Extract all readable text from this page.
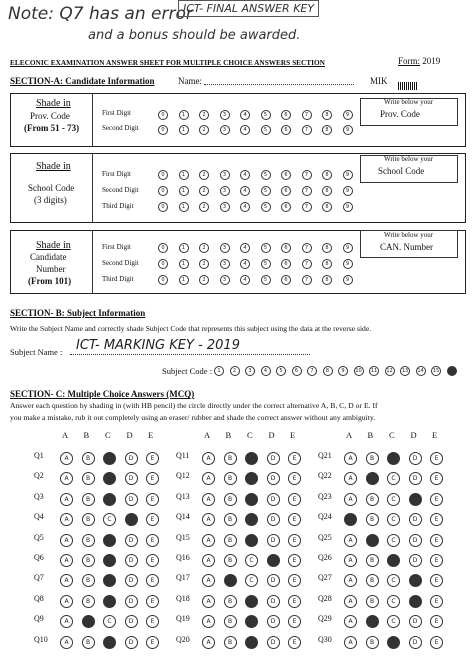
Note: Q7 has an error
and a bonus should be awarded.
ICT- FINAL ANSWER KEY
ELECONIC EXAMINATION ANSWER SHEET FOR MULTIPLE CHOICE ANSWERS SECTION	Form: 2019
SECTION-A: Candidate Information	Name:	MIK
Shade in
Prov. Code
(From 51 - 73)
First Digit
Second Digit
Write below your
Prov. Code
Shade in
School Code
(3 digits)
First Digit
Second Digit
Third Digit
Write below your
School Code
Shade in
Candidate
Number
(From 101)
First Digit
Second Digit
Third Digit
Write below your
CAN. Number
0	1	2	3	4	5	6	7	8	9
0	1	2	3	4	5	6	7	8	9
0	1	2	3	4	5	6	7	8	9
0	1	2	3	4	5	6	7	8	9
0	1	2	3	4	5	6	7	8	9
0	1	2	3	4	5	6	7	8	9
0	1	2	3	4	5	6	7	8	9
0	1	2	3	4	5	6	7	8	9
SECTION- B: Subject Information
Write the Subject Name and correctly shade Subject Code that represents this subject using the data at the reverse side.
Subject Name : ICT- MARKING KEY - 2019
Subject Code :	1	2	3	4	5	6	7	8	9	10	11	12	13	14	15	16
SECTION- C: Multiple Choice Answers (MCQ)
Answer each question by shading in (with HB pencil) the circle directly under the correct alternative A, B, C, D or E. If
you make a mistake, rub it out completely using an eraser/ rubber and shade the correct answer without any ambiguity.
A B C D E	A B C D E	A B C D E
Q1	A	B	C	D	E
Q2	A	B	C	D	E
Q3	A	B	C	D	E
Q4	A	B	C	D	E
Q5	A	B	C	D	E
Q6	A	B	C	D	E
Q7	A	B	C	D	E
Q8	A	B	C	D	E
Q9	A	B	C	D	E
Q10	A	B	C	D	E
Q11	A	B	C	D	E
Q12	A	B	C	D	E
Q13	A	B	C	D	E
Q14	A	B	C	D	E
Q15	A	B	C	D	E
Q16	A	B	C	D	E
Q17	A	B	C	D	E
Q18	A	B	C	D	E
Q19	A	B	C	D	E
Q20	A	B	C	D	E
Q21	A	B	C	D	E
Q22	A	B	C	D	E
Q23	A	B	C	D	E
Q24	A	B	C	D	E
Q25	A	B	C	D	E
Q26	A	B	C	D	E
Q27	A	B	C	D	E
Q28	A	B	C	D	E
Q29	A	B	C	D	E
Q30	A	B	C	D	E
